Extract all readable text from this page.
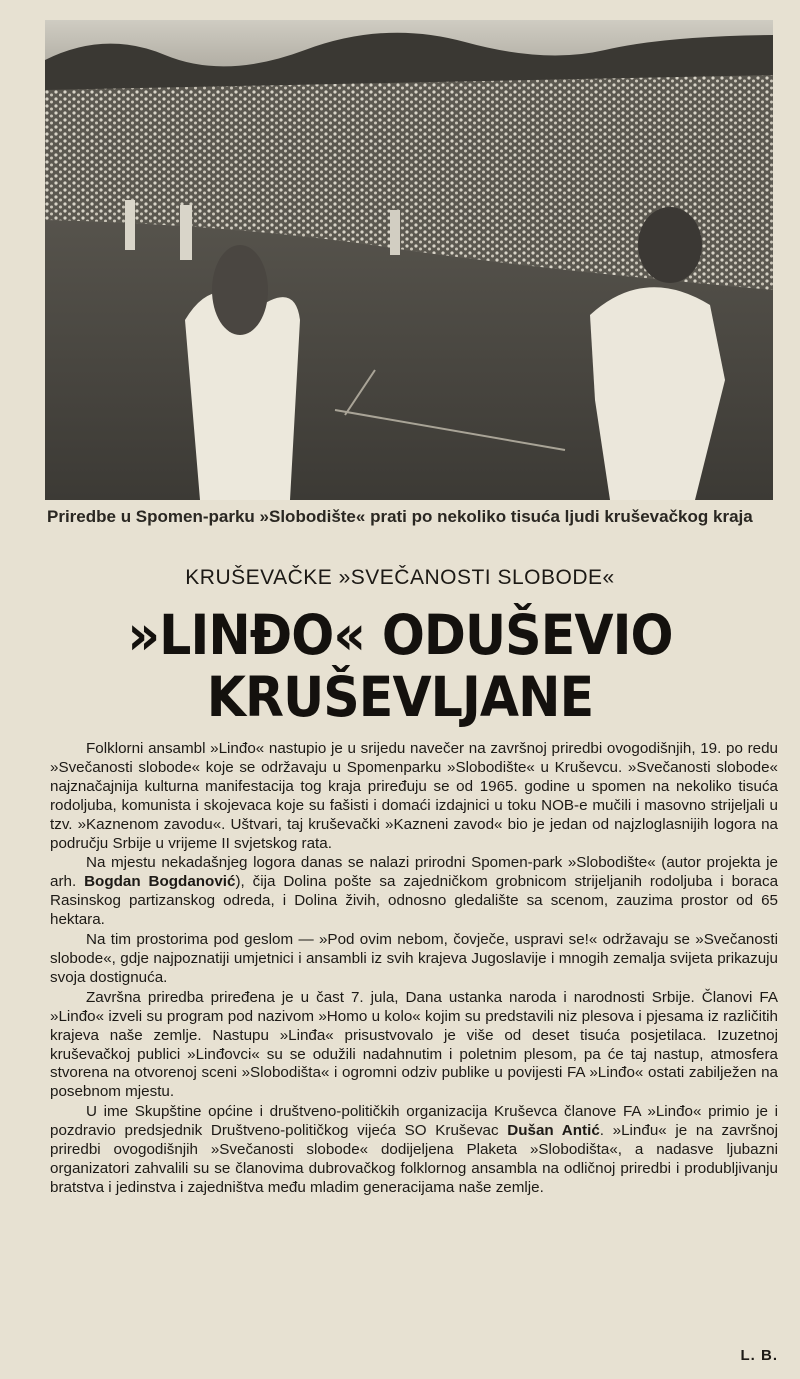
Priredbe u Spomen-parku »Slobodište« prati po nekoliko tisuća ljudi kruševačkog kraja
KRUŠEVAČKE »SVEČANOSTI SLOBODE«
»LINĐO« ODUŠEVIO
KRUŠEVLJANE

Folklorni ansambl »Linđo« nastupio je u srijedu navečer na završnoj priredbi ovogodišnjih, 19. po redu »Svečanosti slobode« koje se održavaju u Spomenparku »Slobodište« u Kruševcu. »Svečanosti slobode« najznačajnija kulturna manifestacija tog kraja priređuju se od 1965. godine u spomen na nekoliko tisuća rodoljuba, komunista i skojevaca koje su fašisti i domaći izdajnici u toku NOB-e mučili i masovno strijeljali u tzv. »Kaznenom zavodu«. Uštvari, taj kruševački »Kazneni zavod« bio je jedan od najzloglasnijih logora na području Srbije u vrijeme II svjetskog rata.

Na mjestu nekadašnjeg logora danas se nalazi prirodni Spomen-park »Slobodište« (autor projekta je arh. Bogdan Bogdanović), čija Dolina pošte sa zajedničkom grobnicom strijeljanih rodoljuba i boraca Rasinskog partizanskog odreda, i Dolina živih, odnosno gledalište sa scenom, zauzima prostor od 65 hektara.

Na tim prostorima pod geslom — »Pod ovim nebom, čovječe, uspravi se!« održavaju se »Svečanosti slobode«, gdje najpoznatiji umjetnici i ansambli iz svih krajeva Jugoslavije i mnogih zemalja svijeta prikazuju svoja dostignuća.

Završna priredba priređena je u čast 7. jula, Dana ustanka naroda i narodnosti Srbije. Članovi FA »Linđo« izveli su program pod nazivom »Homo u kolo« kojim su predstavili niz plesova i pjesama iz različitih krajeva naše zemlje. Nastupu »Linđa« prisustvovalo je više od deset tisuća posjetilaca. Izuzetnoj kruševačkoj publici »Linđovci« su se odužili nadahnutim i poletnim plesom, pa će taj nastup, atmosfera stvorena na otvorenoj sceni »Slobodišta« i ogromni odziv publike u povijesti FA »Linđo« ostati zabilježen na posebnom mjestu.

U ime Skupštine općine i društveno-političkih organizacija Kruševca članove FA »Linđo« primio je i pozdravio predsjednik Društveno-političkog vijeća SO Kruševac Dušan Antić. »Linđu« je na završnoj priredbi ovogodišnjih »Svečanosti slobode« dodijeljena Plaketa »Slobodišta«, a nadasve ljubazni organizatori zahvalili su se članovima dubrovačkog folklornog ansambla na odličnoj priredbi i produbljivanju bratstva i jedinstva i zajedništva među mladim generacijama naše zemlje.

L. B.
